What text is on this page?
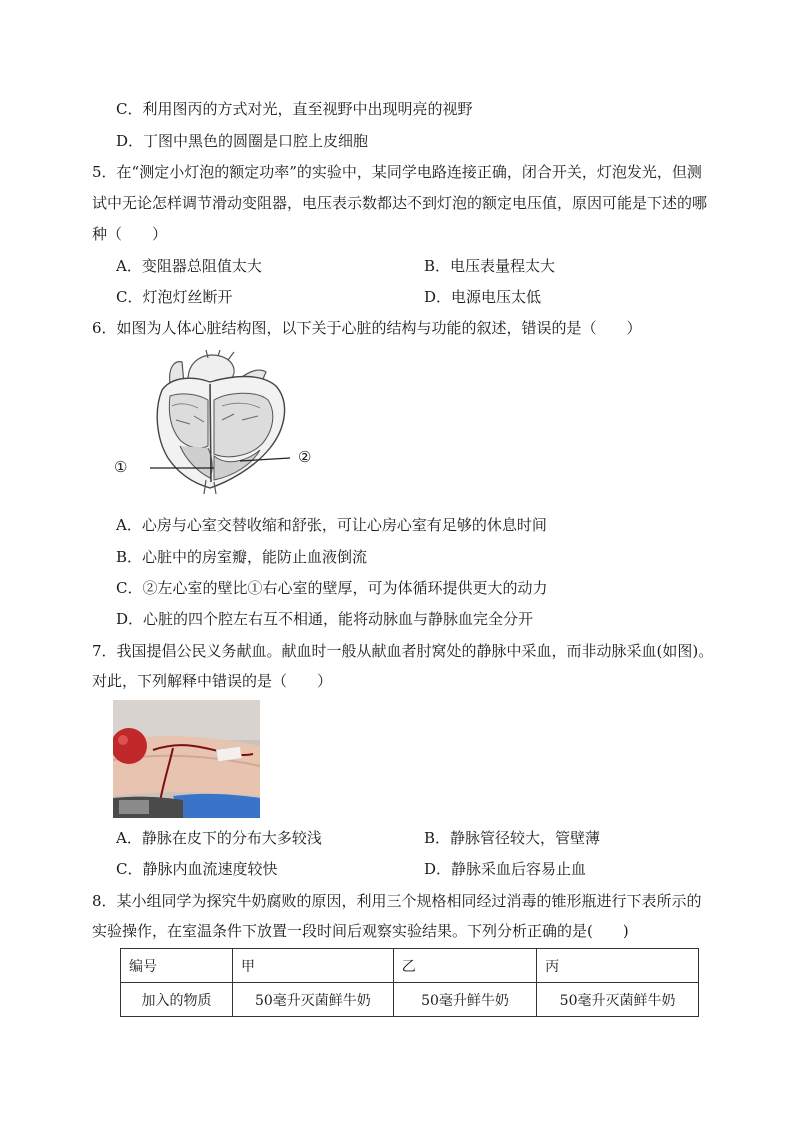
C．利用图丙的方式对光，直至视野中出现明亮的视野
D．丁图中黑色的圆圈是口腔上皮细胞
5．在“测定小灯泡的额定功率”的实验中，某同学电路连接正确，闭合开关，灯泡发光，但测
试中无论怎样调节滑动变阻器，电压表示数都达不到灯泡的额定电压值，原因可能是下述的哪
种（　　）
A．变阻器总阻值太大	B．电压表量程太大
C．灯泡灯丝断开	D．电源电压太低
6．如图为人体心脏结构图，以下关于心脏的结构与功能的叙述，错误的是（　　）
①
②
A．心房与心室交替收缩和舒张，可让心房心室有足够的休息时间
B．心脏中的房室瓣，能防止血液倒流
C．②左心室的壁比①右心室的壁厚，可为体循环提供更大的动力
D．心脏的四个腔左右互不相通，能将动脉血与静脉血完全分开
7．我国提倡公民义务献血。献血时一般从献血者肘窝处的静脉中采血，而非动脉采血(如图)。
对此，下列解释中错误的是（　　）
A．静脉在皮下的分布大多较浅	B．静脉管径较大，管壁薄
C．静脉内血流速度较快	D．静脉采血后容易止血
8．某小组同学为探究牛奶腐败的原因，利用三个规格相同经过消毒的锥形瓶进行下表所示的
实验操作，在室温条件下放置一段时间后观察实验结果。下列分析正确的是(　　)
编号	甲	乙	丙
加入的物质	50毫升灭菌鲜牛奶	50毫升鲜牛奶	50毫升灭菌鲜牛奶
